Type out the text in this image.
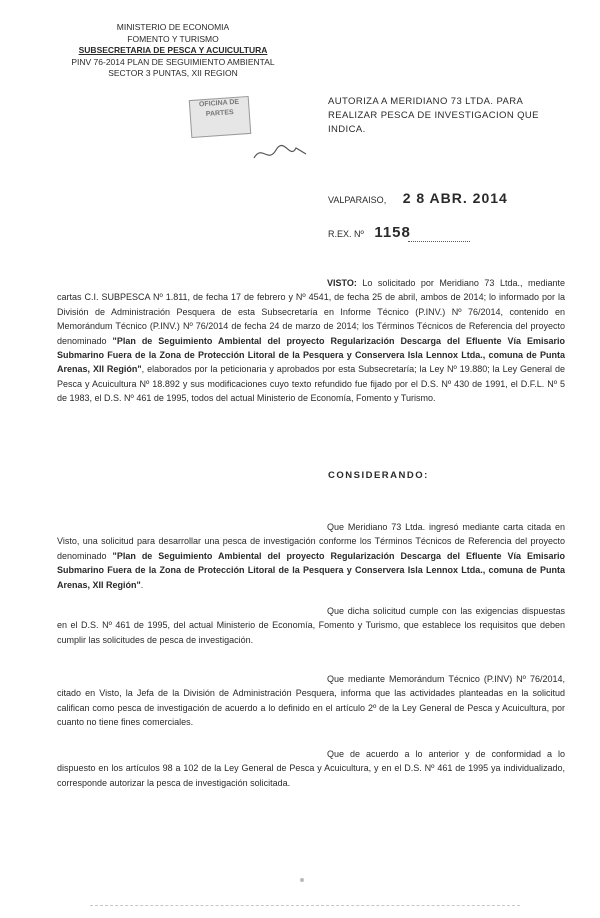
MINISTERIO DE ECONOMIA
FOMENTO Y TURISMO
SUBSECRETARIA DE PESCA Y ACUICULTURA
PINV 76-2014 PLAN DE SEGUIMIENTO AMBIENTAL
SECTOR 3 PUNTAS, XII REGION
OFICINA DE
PARTES
AUTORIZA A MERIDIANO 73 LTDA. PARA REALIZAR PESCA DE INVESTIGACION QUE INDICA.
VALPARAISO, 2 8 ABR. 2014
R.EX. Nº 1158
VISTO: Lo solicitado por Meridiano 73 Ltda., mediante cartas C.I. SUBPESCA Nº 1.811, de fecha 17 de febrero y Nº 4541, de fecha 25 de abril, ambos de 2014; lo informado por la División de Administración Pesquera de esta Subsecretaría en Informe Técnico (P.INV.) Nº 76/2014, contenido en Memorándum Técnico (P.INV.) Nº 76/2014 de fecha 24 de marzo de 2014; los Términos Técnicos de Referencia del proyecto denominado "Plan de Seguimiento Ambiental del proyecto Regularización Descarga del Efluente Vía Emisario Submarino Fuera de la Zona de Protección Litoral de la Pesquera y Conservera Isla Lennox Ltda., comuna de Punta Arenas, XII Región", elaborados por la peticionaria y aprobados por esta Subsecretaría; la Ley Nº 19.880; la Ley General de Pesca y Acuicultura Nº 18.892 y sus modificaciones cuyo texto refundido fue fijado por el D.S. Nº 430 de 1991, el D.F.L. Nº 5 de 1983, el D.S. Nº 461 de 1995, todos del actual Ministerio de Economía, Fomento y Turismo.
CONSIDERANDO:
Que Meridiano 73 Ltda. ingresó mediante carta citada en Visto, una solicitud para desarrollar una pesca de investigación conforme los Términos Técnicos de Referencia del proyecto denominado "Plan de Seguimiento Ambiental del proyecto Regularización Descarga del Efluente Vía Emisario Submarino Fuera de la Zona de Protección Litoral de la Pesquera y Conservera Isla Lennox Ltda., comuna de Punta Arenas, XII Región".
Que dicha solicitud cumple con las exigencias dispuestas en el D.S. Nº 461 de 1995, del actual Ministerio de Economía, Fomento y Turismo, que establece los requisitos que deben cumplir las solicitudes de pesca de investigación.
Que mediante Memorándum Técnico (P.INV) Nº 76/2014, citado en Visto, la Jefa de la División de Administración Pesquera, informa que las actividades planteadas en la solicitud califican como pesca de investigación de acuerdo a lo definido en el artículo 2º de la Ley General de Pesca y Acuicultura, por cuanto no tiene fines comerciales.
Que de acuerdo a lo anterior y de conformidad a lo dispuesto en los artículos 98 a 102 de la Ley General de Pesca y Acuicultura, y en el D.S. Nº 461 de 1995 ya individualizado, corresponde autorizar la pesca de investigación solicitada.
